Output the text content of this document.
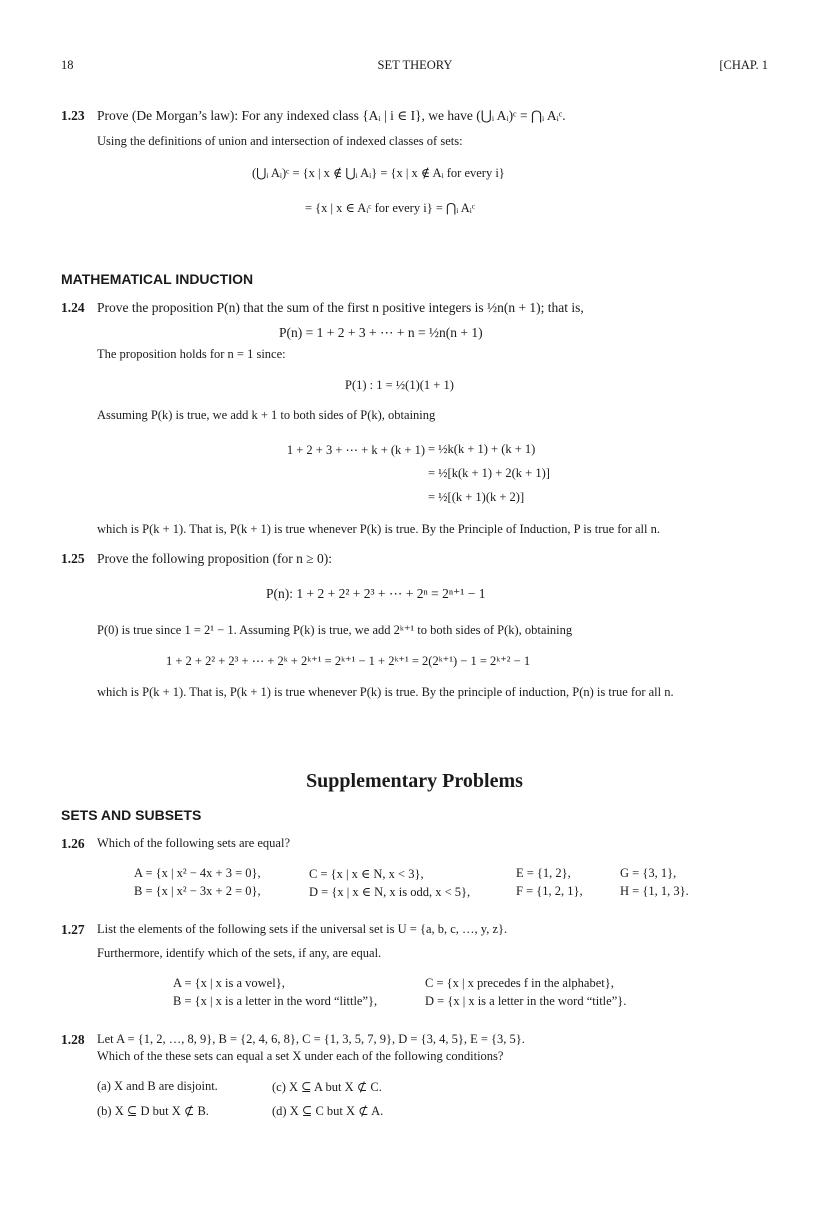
18	SET THEORY	[CHAP. 1
1.23 Prove (De Morgan’s law): For any indexed class {Aᵢ | i ∈ I}, we have (⋃ᵢ Aᵢ)ᶜ = ⋂ᵢ Aᵢᶜ.
Using the definitions of union and intersection of indexed classes of sets:
(⋃ᵢ Aᵢ)ᶜ = {x | x ∉ ⋃ᵢ Aᵢ} = {x | x ∉ Aᵢ for every i}
= {x | x ∈ Aᵢᶜ for every i} = ⋂ᵢ Aᵢᶜ
MATHEMATICAL INDUCTION
1.24 Prove the proposition P(n) that the sum of the first n positive integers is ½n(n + 1); that is,
P(n) = 1 + 2 + 3 + ⋯ + n = ½n(n + 1)
The proposition holds for n = 1 since:
P(1) : 1 = ½(1)(1 + 1)
Assuming P(k) is true, we add k + 1 to both sides of P(k), obtaining
1 + 2 + 3 + ⋯ + k + (k + 1) = ½k(k + 1) + (k + 1)
= ½[k(k + 1) + 2(k + 1)]
= ½[(k + 1)(k + 2)]
which is P(k + 1). That is, P(k + 1) is true whenever P(k) is true. By the Principle of Induction, P is true for all n.
1.25 Prove the following proposition (for n ≥ 0):
P(n): 1 + 2 + 2² + 2³ + ⋯ + 2ⁿ = 2ⁿ⁺¹ − 1
P(0) is true since 1 = 2¹ − 1. Assuming P(k) is true, we add 2ᵏ⁺¹ to both sides of P(k), obtaining
1 + 2 + 2² + 2³ + ⋯ + 2ᵏ + 2ᵏ⁺¹ = 2ᵏ⁺¹ − 1 + 2ᵏ⁺¹ = 2(2ᵏ⁺¹) − 1 = 2ᵏ⁺² − 1
which is P(k + 1). That is, P(k + 1) is true whenever P(k) is true. By the principle of induction, P(n) is true for all n.
Supplementary Problems
SETS AND SUBSETS
1.26 Which of the following sets are equal?
A = {x | x² − 4x + 3 = 0},	C = {x | x ∈ N, x < 3},	E = {1, 2},	G = {3, 1},
B = {x | x² − 3x + 2 = 0},	D = {x | x ∈ N, x is odd, x < 5},	F = {1, 2, 1},	H = {1, 1, 3}.
1.27 List the elements of the following sets if the universal set is U = {a, b, c, …, y, z}.
Furthermore, identify which of the sets, if any, are equal.
A = {x | x is a vowel},	C = {x | x precedes f in the alphabet},
B = {x | x is a letter in the word “little”},	D = {x | x is a letter in the word “title”}.
1.28 Let A = {1, 2, …, 8, 9}, B = {2, 4, 6, 8}, C = {1, 3, 5, 7, 9}, D = {3, 4, 5}, E = {3, 5}.
Which of the these sets can equal a set X under each of the following conditions?
(a) X and B are disjoint.
(b) X ⊆ D but X ⊄ B.
(c) X ⊆ A but X ⊄ C.
(d) X ⊆ C but X ⊄ A.
